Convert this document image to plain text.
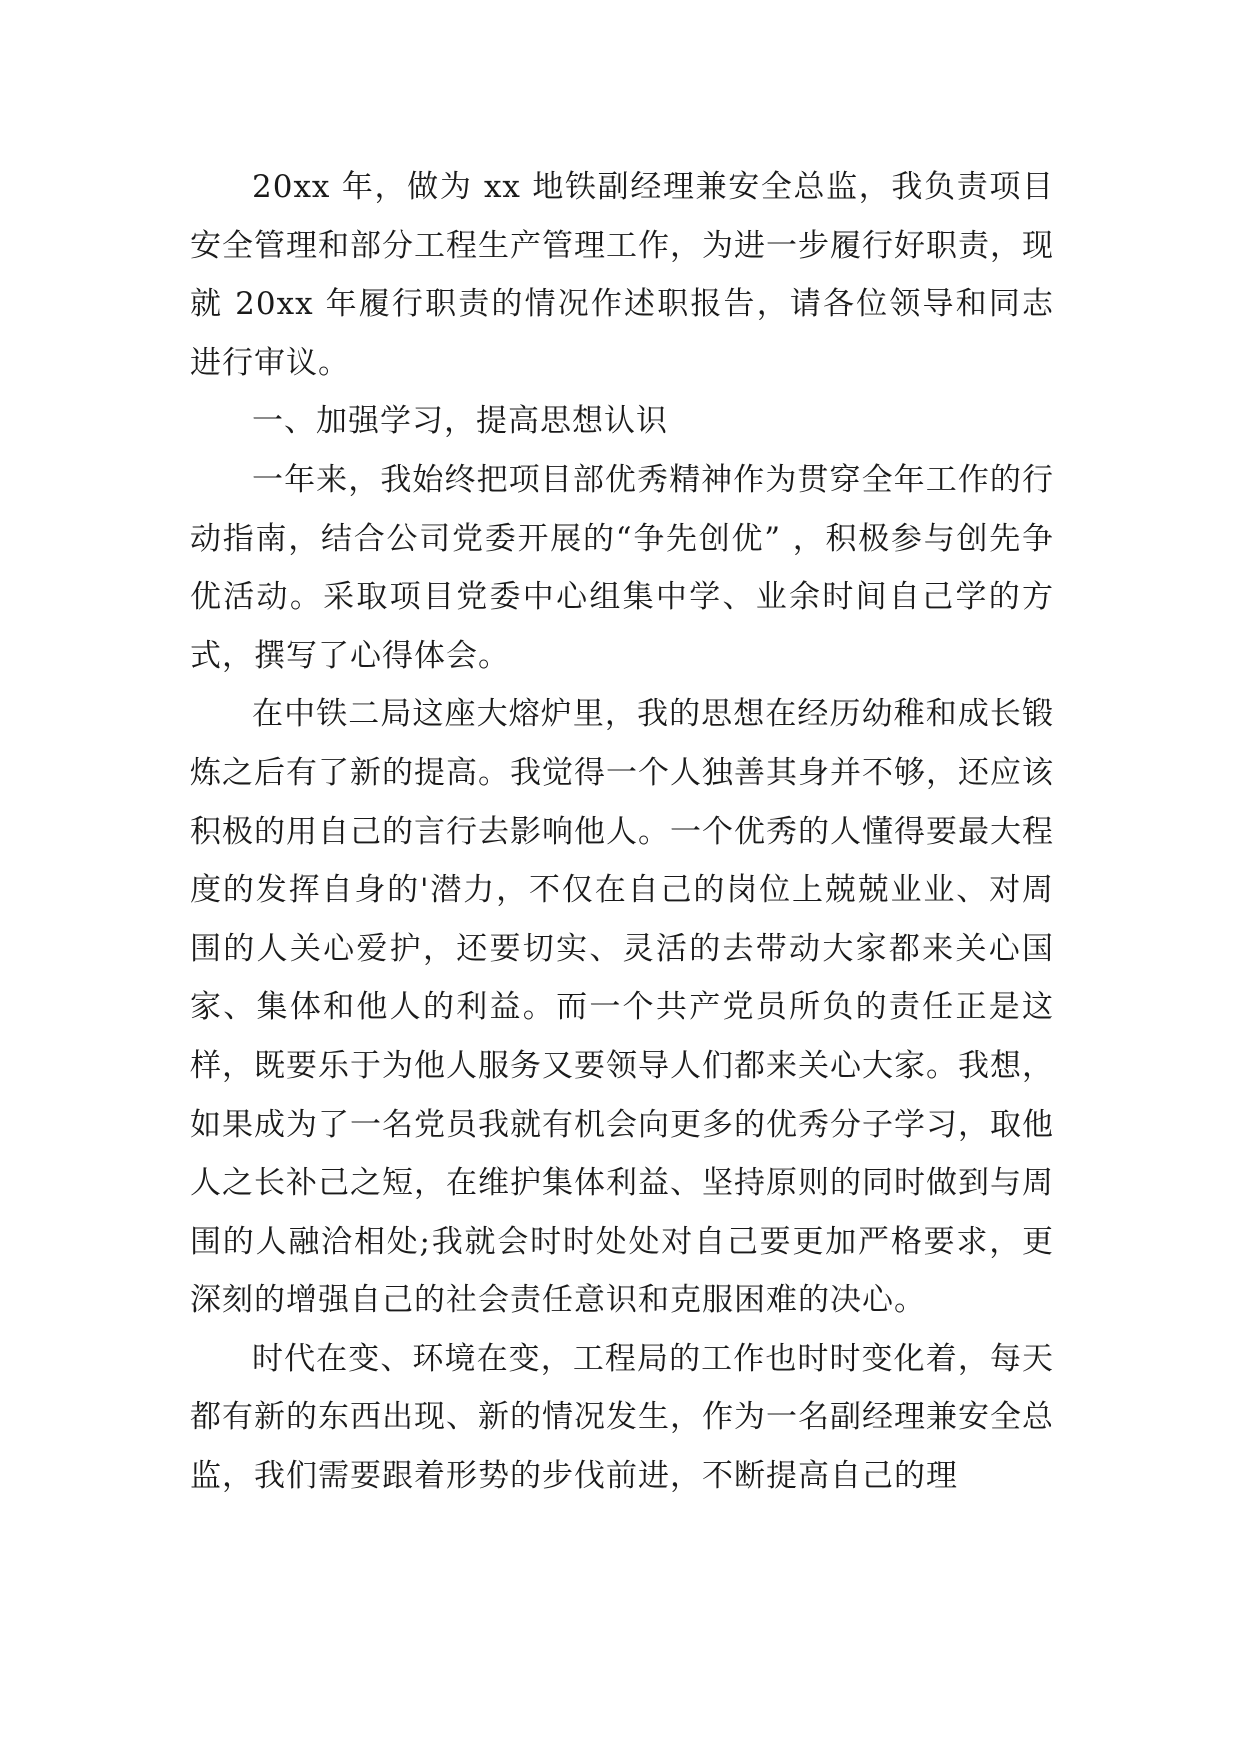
20xx 年，做为 xx 地铁副经理兼安全总监，我负责项目安全管理和部分工程生产管理工作，为进一步履行好职责，现就 20xx 年履行职责的情况作述职报告，请各位领导和同志进行审议。

一、加强学习，提高思想认识

一年来，我始终把项目部优秀精神作为贯穿全年工作的行动指南，结合公司党委开展的“争先创优” ，积极参与创先争优活动。采取项目党委中心组集中学、业余时间自己学的方式，撰写了心得体会。

在中铁二局这座大熔炉里，我的思想在经历幼稚和成长锻炼之后有了新的提高。我觉得一个人独善其身并不够，还应该积极的用自己的言行去影响他人。一个优秀的人懂得要最大程度的发挥自身的'潜力，不仅在自己的岗位上兢兢业业、对周围的人关心爱护，还要切实、灵活的去带动大家都来关心国家、集体和他人的利益。而一个共产党员所负的责任正是这样，既要乐于为他人服务又要领导人们都来关心大家。我想，如果成为了一名党员我就有机会向更多的优秀分子学习，取他人之长补己之短，在维护集体利益、坚持原则的同时做到与周围的人融洽相处;我就会时时处处对自己要更加严格要求，更深刻的增强自己的社会责任意识和克服困难的决心。

时代在变、环境在变，工程局的工作也时时变化着，每天都有新的东西出现、新的情况发生，作为一名副经理兼安全总监，我们需要跟着形势的步伐前进，不断提高自己的理
